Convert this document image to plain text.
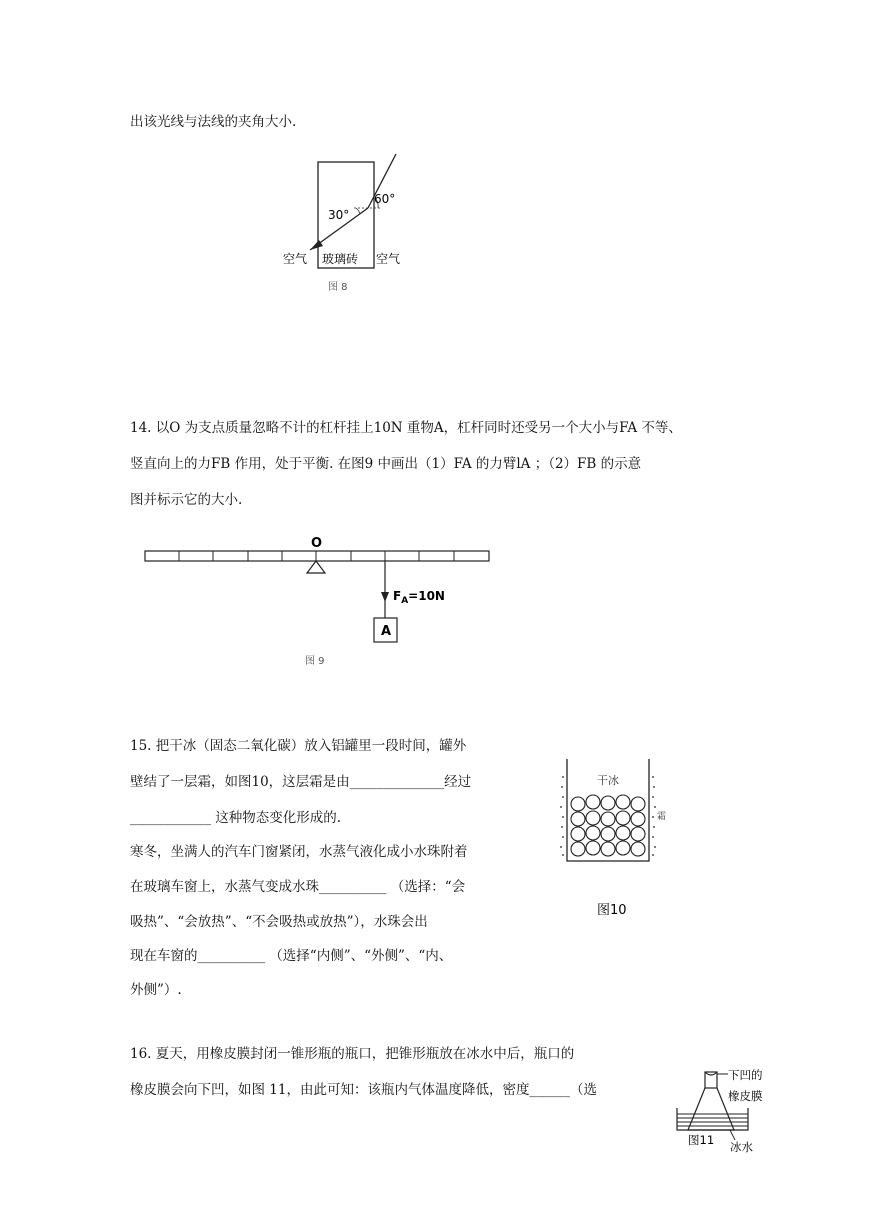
出该光线与法线的夹角大小.
30°
60°
空气 玻璃砖 空气
图 8
14. 以O 为支点质量忽略不计的杠杆挂上10N 重物A，杠杆同时还受另一个大小与FA 不等、
竖直向上的力FB 作用，处于平衡. 在图9 中画出（1）FA 的力臂lA ；（2）FB 的示意
图并标示它的大小.
O
$F_A=10N$
A
图 9
15. 把干冰（固态二氧化碳）放入铝罐里一段时间，罐外
壁结了一层霜，如图10，这层霜是由______________经过
____________ 这种物态变化形成的.
寒冬，坐满人的汽车门窗紧闭，水蒸气液化成小水珠附着
在玻璃车窗上，水蒸气变成水珠__________ （选择：“会
吸热”、“会放热”、“不会吸热或放热”），水珠会出
现在车窗的__________ （选择“内侧”、“外侧”、“内、
外侧”）.
干冰
霜
图10
16. 夏天，用橡皮膜封闭一锥形瓶的瓶口，把锥形瓶放在冰水中后，瓶口的
橡皮膜会向下凹，如图 11，由此可知：该瓶内气体温度降低，密度______（选
下凹的
橡皮膜
图11 冰水
